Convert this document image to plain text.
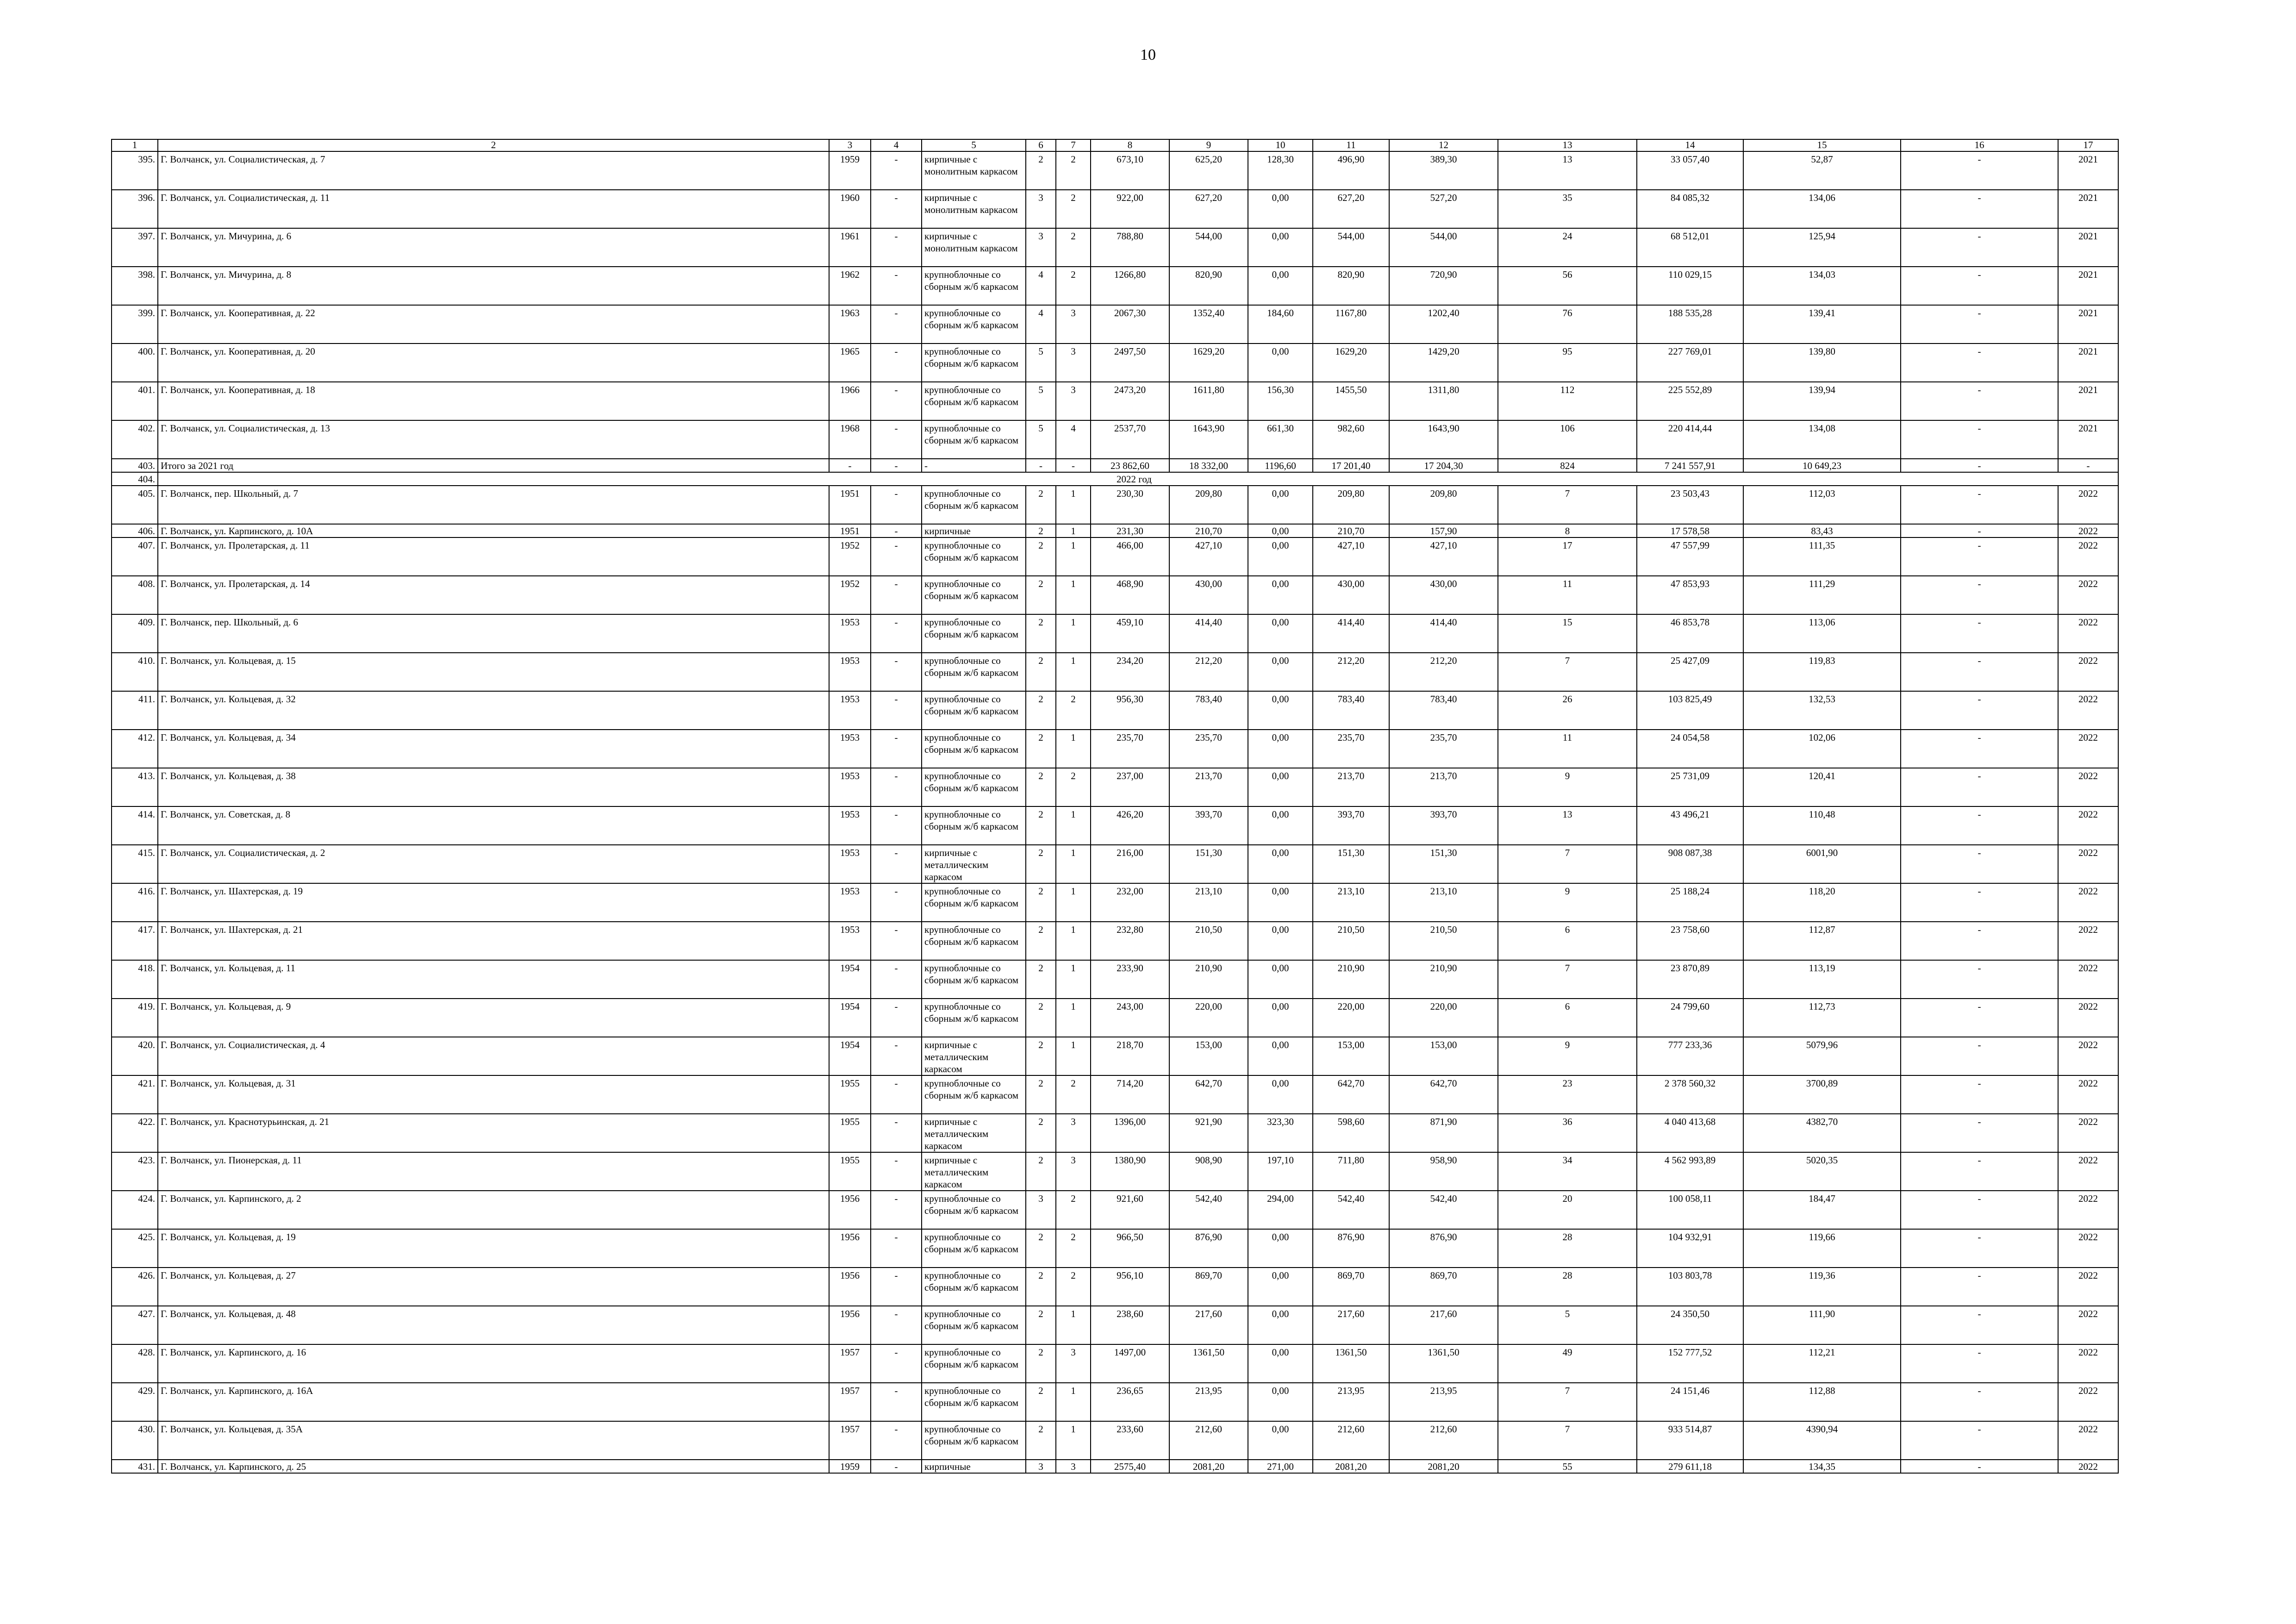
10
1	2	3	4	5	6	7	8	9	10	11	12	13	14	15	16	17
395.	Г. Волчанск, ул. Социалистическая, д. 7	1959	-	кирпичные с монолитным каркасом	2	2	673,10	625,20	128,30	496,90	389,30	13	33 057,40	52,87	-	2021
396.	Г. Волчанск, ул. Социалистическая, д. 11	1960	-	кирпичные с монолитным каркасом	3	2	922,00	627,20	0,00	627,20	527,20	35	84 085,32	134,06	-	2021
397.	Г. Волчанск, ул. Мичурина, д. 6	1961	-	кирпичные с монолитным каркасом	3	2	788,80	544,00	0,00	544,00	544,00	24	68 512,01	125,94	-	2021
398.	Г. Волчанск, ул. Мичурина, д. 8	1962	-	крупноблочные со сборным ж/б каркасом	4	2	1266,80	820,90	0,00	820,90	720,90	56	110 029,15	134,03	-	2021
399.	Г. Волчанск, ул. Кооперативная, д. 22	1963	-	крупноблочные со сборным ж/б каркасом	4	3	2067,30	1352,40	184,60	1167,80	1202,40	76	188 535,28	139,41	-	2021
400.	Г. Волчанск, ул. Кооперативная, д. 20	1965	-	крупноблочные со сборным ж/б каркасом	5	3	2497,50	1629,20	0,00	1629,20	1429,20	95	227 769,01	139,80	-	2021
401.	Г. Волчанск, ул. Кооперативная, д. 18	1966	-	крупноблочные со сборным ж/б каркасом	5	3	2473,20	1611,80	156,30	1455,50	1311,80	112	225 552,89	139,94	-	2021
402.	Г. Волчанск, ул. Социалистическая, д. 13	1968	-	крупноблочные со сборным ж/б каркасом	5	4	2537,70	1643,90	661,30	982,60	1643,90	106	220 414,44	134,08	-	2021
403.	Итого за 2021 год	-	-	-	-	-	23 862,60	18 332,00	1196,60	17 201,40	17 204,30	824	7 241 557,91	10 649,23	-	-
404.	2022 год															
405.	Г. Волчанск, пер. Школьный, д. 7	1951	-	крупноблочные со сборным ж/б каркасом	2	1	230,30	209,80	0,00	209,80	209,80	7	23 503,43	112,03	-	2022
406.	Г. Волчанск, ул. Карпинского, д. 10А	1951	-	кирпичные	2	1	231,30	210,70	0,00	210,70	157,90	8	17 578,58	83,43	-	2022
407.	Г. Волчанск, ул. Пролетарская, д. 11	1952	-	крупноблочные со сборным ж/б каркасом	2	1	466,00	427,10	0,00	427,10	427,10	17	47 557,99	111,35	-	2022
408.	Г. Волчанск, ул. Пролетарская, д. 14	1952	-	крупноблочные со сборным ж/б каркасом	2	1	468,90	430,00	0,00	430,00	430,00	11	47 853,93	111,29	-	2022
409.	Г. Волчанск, пер. Школьный, д. 6	1953	-	крупноблочные со сборным ж/б каркасом	2	1	459,10	414,40	0,00	414,40	414,40	15	46 853,78	113,06	-	2022
410.	Г. Волчанск, ул. Кольцевая, д. 15	1953	-	крупноблочные со сборным ж/б каркасом	2	1	234,20	212,20	0,00	212,20	212,20	7	25 427,09	119,83	-	2022
411.	Г. Волчанск, ул. Кольцевая, д. 32	1953	-	крупноблочные со сборным ж/б каркасом	2	2	956,30	783,40	0,00	783,40	783,40	26	103 825,49	132,53	-	2022
412.	Г. Волчанск, ул. Кольцевая, д. 34	1953	-	крупноблочные со сборным ж/б каркасом	2	1	235,70	235,70	0,00	235,70	235,70	11	24 054,58	102,06	-	2022
413.	Г. Волчанск, ул. Кольцевая, д. 38	1953	-	крупноблочные со сборным ж/б каркасом	2	2	237,00	213,70	0,00	213,70	213,70	9	25 731,09	120,41	-	2022
414.	Г. Волчанск, ул. Советская, д. 8	1953	-	крупноблочные со сборным ж/б каркасом	2	1	426,20	393,70	0,00	393,70	393,70	13	43 496,21	110,48	-	2022
415.	Г. Волчанск, ул. Социалистическая, д. 2	1953	-	кирпичные с металлическим каркасом	2	1	216,00	151,30	0,00	151,30	151,30	7	908 087,38	6001,90	-	2022
416.	Г. Волчанск, ул. Шахтерская, д. 19	1953	-	крупноблочные со сборным ж/б каркасом	2	1	232,00	213,10	0,00	213,10	213,10	9	25 188,24	118,20	-	2022
417.	Г. Волчанск, ул. Шахтерская, д. 21	1953	-	крупноблочные со сборным ж/б каркасом	2	1	232,80	210,50	0,00	210,50	210,50	6	23 758,60	112,87	-	2022
418.	Г. Волчанск, ул. Кольцевая, д. 11	1954	-	крупноблочные со сборным ж/б каркасом	2	1	233,90	210,90	0,00	210,90	210,90	7	23 870,89	113,19	-	2022
419.	Г. Волчанск, ул. Кольцевая, д. 9	1954	-	крупноблочные со сборным ж/б каркасом	2	1	243,00	220,00	0,00	220,00	220,00	6	24 799,60	112,73	-	2022
420.	Г. Волчанск, ул. Социалистическая, д. 4	1954	-	кирпичные с металлическим каркасом	2	1	218,70	153,00	0,00	153,00	153,00	9	777 233,36	5079,96	-	2022
421.	Г. Волчанск, ул. Кольцевая, д. 31	1955	-	крупноблочные со сборным ж/б каркасом	2	2	714,20	642,70	0,00	642,70	642,70	23	2 378 560,32	3700,89	-	2022
422.	Г. Волчанск, ул. Краснотурьинская, д. 21	1955	-	кирпичные с металлическим каркасом	2	3	1396,00	921,90	323,30	598,60	871,90	36	4 040 413,68	4382,70	-	2022
423.	Г. Волчанск, ул. Пионерская, д. 11	1955	-	кирпичные с металлическим каркасом	2	3	1380,90	908,90	197,10	711,80	958,90	34	4 562 993,89	5020,35	-	2022
424.	Г. Волчанск, ул. Карпинского, д. 2	1956	-	крупноблочные со сборным ж/б каркасом	3	2	921,60	542,40	294,00	542,40	542,40	20	100 058,11	184,47	-	2022
425.	Г. Волчанск, ул. Кольцевая, д. 19	1956	-	крупноблочные со сборным ж/б каркасом	2	2	966,50	876,90	0,00	876,90	876,90	28	104 932,91	119,66	-	2022
426.	Г. Волчанск, ул. Кольцевая, д. 27	1956	-	крупноблочные со сборным ж/б каркасом	2	2	956,10	869,70	0,00	869,70	869,70	28	103 803,78	119,36	-	2022
427.	Г. Волчанск, ул. Кольцевая, д. 48	1956	-	крупноблочные со сборным ж/б каркасом	2	1	238,60	217,60	0,00	217,60	217,60	5	24 350,50	111,90	-	2022
428.	Г. Волчанск, ул. Карпинского, д. 16	1957	-	крупноблочные со сборным ж/б каркасом	2	3	1497,00	1361,50	0,00	1361,50	1361,50	49	152 777,52	112,21	-	2022
429.	Г. Волчанск, ул. Карпинского, д. 16А	1957	-	крупноблочные со сборным ж/б каркасом	2	1	236,65	213,95	0,00	213,95	213,95	7	24 151,46	112,88	-	2022
430.	Г. Волчанск, ул. Кольцевая, д. 35А	1957	-	крупноблочные со сборным ж/б каркасом	2	1	233,60	212,60	0,00	212,60	212,60	7	933 514,87	4390,94	-	2022
431.	Г. Волчанск, ул. Карпинского, д. 25	1959	-	кирпичные	3	3	2575,40	2081,20	271,00	2081,20	2081,20	55	279 611,18	134,35	-	2022
